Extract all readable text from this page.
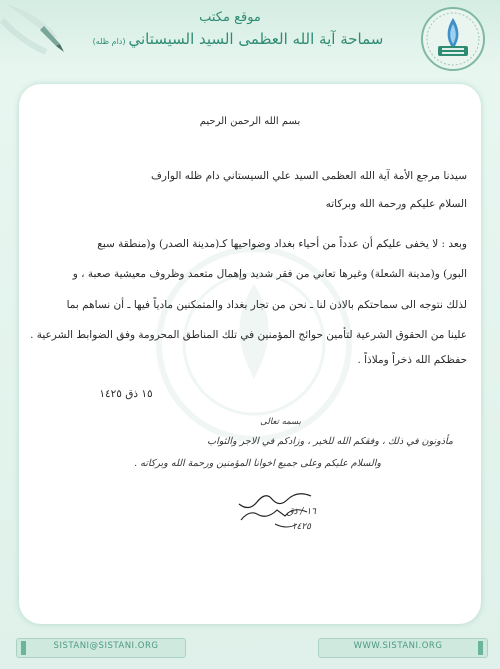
موقع مكتب
سماحة آية الله العظمى السيد السيستاني(دام ظله)
بسم الله الرحمن الرحيم
سيدنا مرجع الأمة آية الله العظمى السيد علي السيستاني دام ظله الوارف
السلام عليكم ورحمة الله وبركاته
وبعد : لا يخفى عليكم أن عدداً من أحياء بغداد وضواحيها كـ(مدينة الصدر) و(منطقة سبع
البور) و(مدينة الشعلة) وغيرها تعاني من فقر شديد وإهمال متعمد وظروف معيشية صعبة ، و
لذلك نتوجه الى سماحتكم بالاذن لنا ـ نحن من تجار بغداد والمتمكنين مادياً فيها ـ أن نساهم بما
علينا من الحقوق الشرعية لتأمين حوائج المؤمنين في تلك المناطق المحرومة وفق الضوابط الشرعية .
حفظكم الله ذخراً وملاذاً .
١٥ ذق ١٤٢٥
بسمه تعالى
مأذونون في ذلك ، وفقكم الله للخير ، وزادكم في الاجر والثواب
والسلام عليكم وعلى جميع اخوانا المؤمنين ورحمة الله وبركاته .
١٦ / ذق
١٤٢٥
SISTANI@SISTANI.ORG	WWW.SISTANI.ORG
